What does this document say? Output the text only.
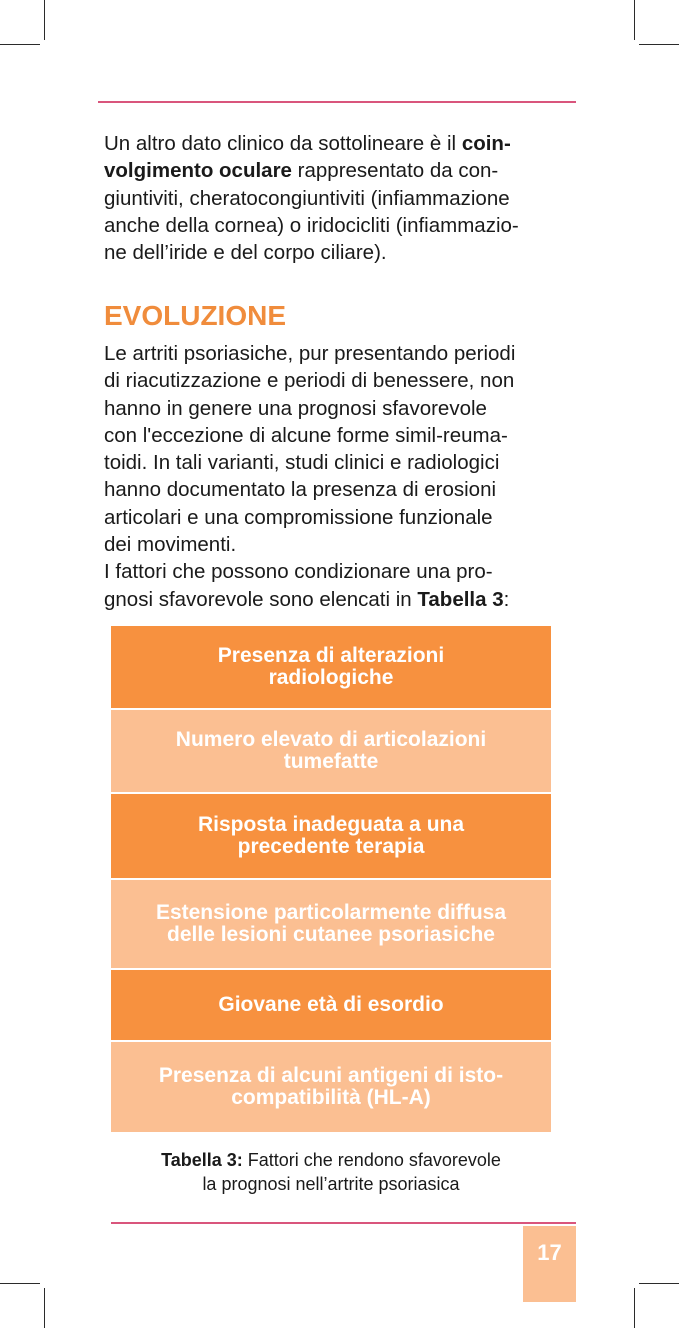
Un altro dato clinico da sottolineare è il coin-
volgimento oculare rappresentato da con-
giuntiviti, cheratocongiuntiviti (infiammazione
anche della cornea) o iridocicliti (infiammazio-
ne dell’iride e del corpo ciliare).
EVOLUZIONE
Le artriti psoriasiche, pur presentando periodi
di riacutizzazione e periodi di benessere, non
hanno in genere una prognosi sfavorevole
con l'eccezione di alcune forme simil-reuma-
toidi. In tali varianti, studi clinici e radiologici
hanno documentato la presenza di erosioni
articolari e una compromissione funzionale
dei movimenti.
I fattori che possono condizionare una pro-
gnosi sfavorevole sono elencati in Tabella 3:
Presenza di alterazioni
radiologiche
Numero elevato di articolazioni
tumefatte
Risposta inadeguata a una
precedente terapia
Estensione particolarmente diffusa
delle lesioni cutanee psoriasiche
Giovane età di esordio
Presenza di alcuni antigeni di isto-
compatibilità (HL-A)
Tabella 3: Fattori che rendono sfavorevole
la prognosi nell’artrite psoriasica
17
